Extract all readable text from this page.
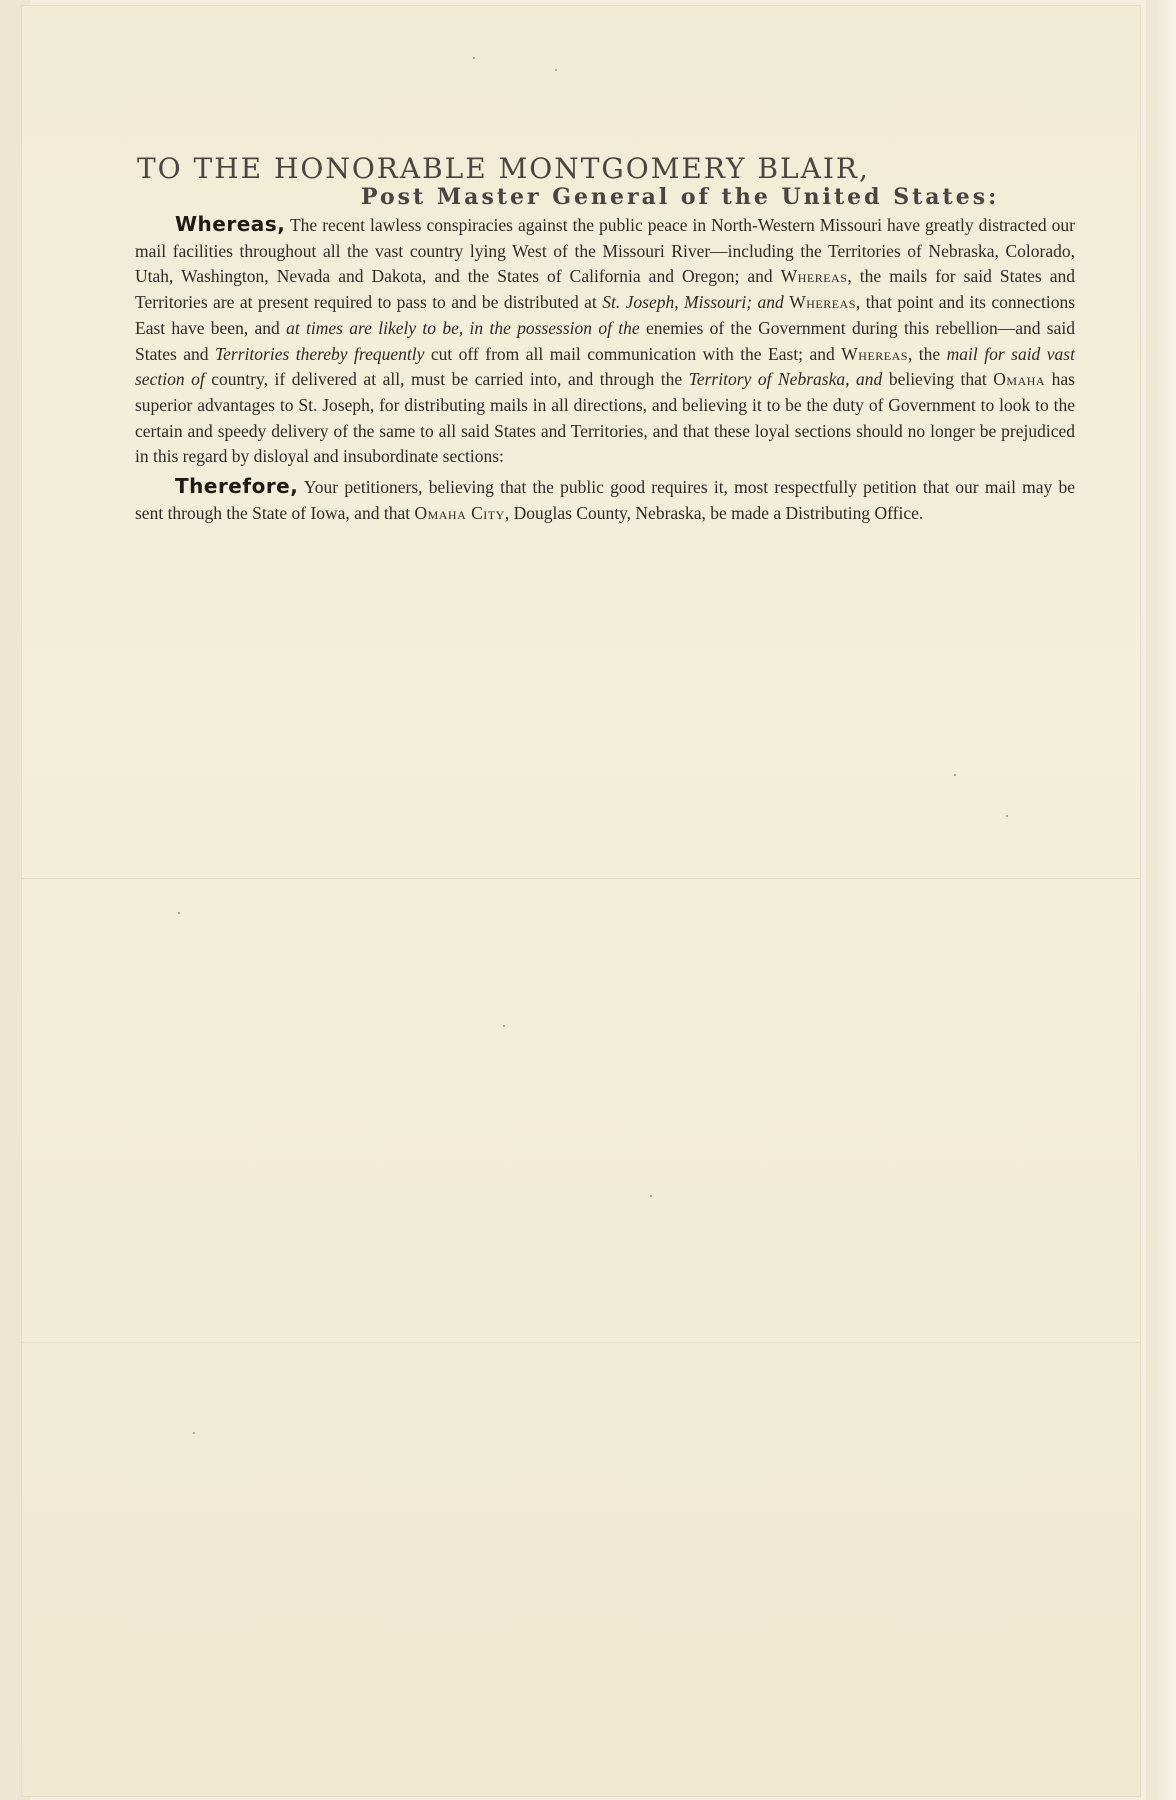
TO THE HONORABLE MONTGOMERY BLAIR,
Post Master General of the United States:

Whereas, The recent lawless conspiracies against the public peace in North-Western Missouri have greatly distracted our mail facilities throughout all the vast country lying West of the Missouri River—including the Territories of Nebraska, Colorado, Utah, Washington, Nevada and Dakota, and the States of California and Oregon; and Whereas, the mails for said States and Territories are at present required to pass to and be distributed at St. Joseph, Missouri; and Whereas, that point and its connections East have been, and at times are likely to be, in the possession of the enemies of the Government during this rebellion—and said States and Territories thereby frequently cut off from all mail communication with the East; and Whereas, the mail for said vast section of country, if delivered at all, must be carried into, and through the Territory of Nebraska, and believing that Omaha has superior advantages to St. Joseph, for distributing mails in all directions, and believing it to be the duty of Government to look to the certain and speedy delivery of the same to all said States and Territories, and that these loyal sections should no longer be prejudiced in this regard by disloyal and insubordinate sections:

Therefore, Your petitioners, believing that the public good requires it, most respectfully petition that our mail may be sent through the State of Iowa, and that Omaha City, Douglas County, Nebraska, be made a Distributing Office.
